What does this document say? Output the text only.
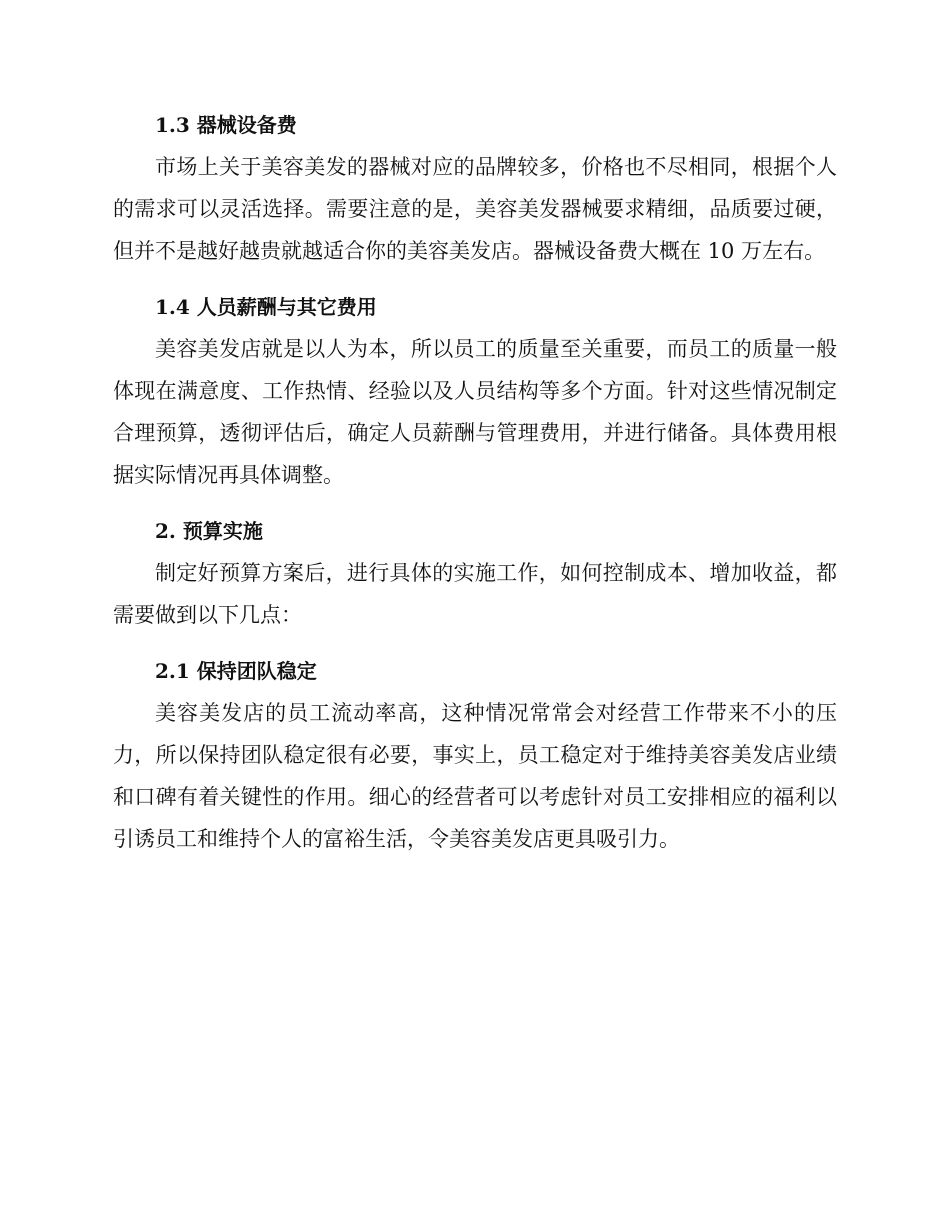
1.3 器械设备费

市场上关于美容美发的器械对应的品牌较多，价格也不尽相同，根据个人的需求可以灵活选择。需要注意的是，美容美发器械要求精细，品质要过硬，但并不是越好越贵就越适合你的美容美发店。器械设备费大概在 10 万左右。

1.4 人员薪酬与其它费用

美容美发店就是以人为本，所以员工的质量至关重要，而员工的质量一般体现在满意度、工作热情、经验以及人员结构等多个方面。针对这些情况制定合理预算，透彻评估后，确定人员薪酬与管理费用，并进行储备。具体费用根据实际情况再具体调整。

2. 预算实施

制定好预算方案后，进行具体的实施工作，如何控制成本、增加收益，都需要做到以下几点：

2.1 保持团队稳定

美容美发店的员工流动率高，这种情况常常会对经营工作带来不小的压力，所以保持团队稳定很有必要，事实上，员工稳定对于维持美容美发店业绩和口碑有着关键性的作用。细心的经营者可以考虑针对员工安排相应的福利以引诱员工和维持个人的富裕生活，令美容美发店更具吸引力。
